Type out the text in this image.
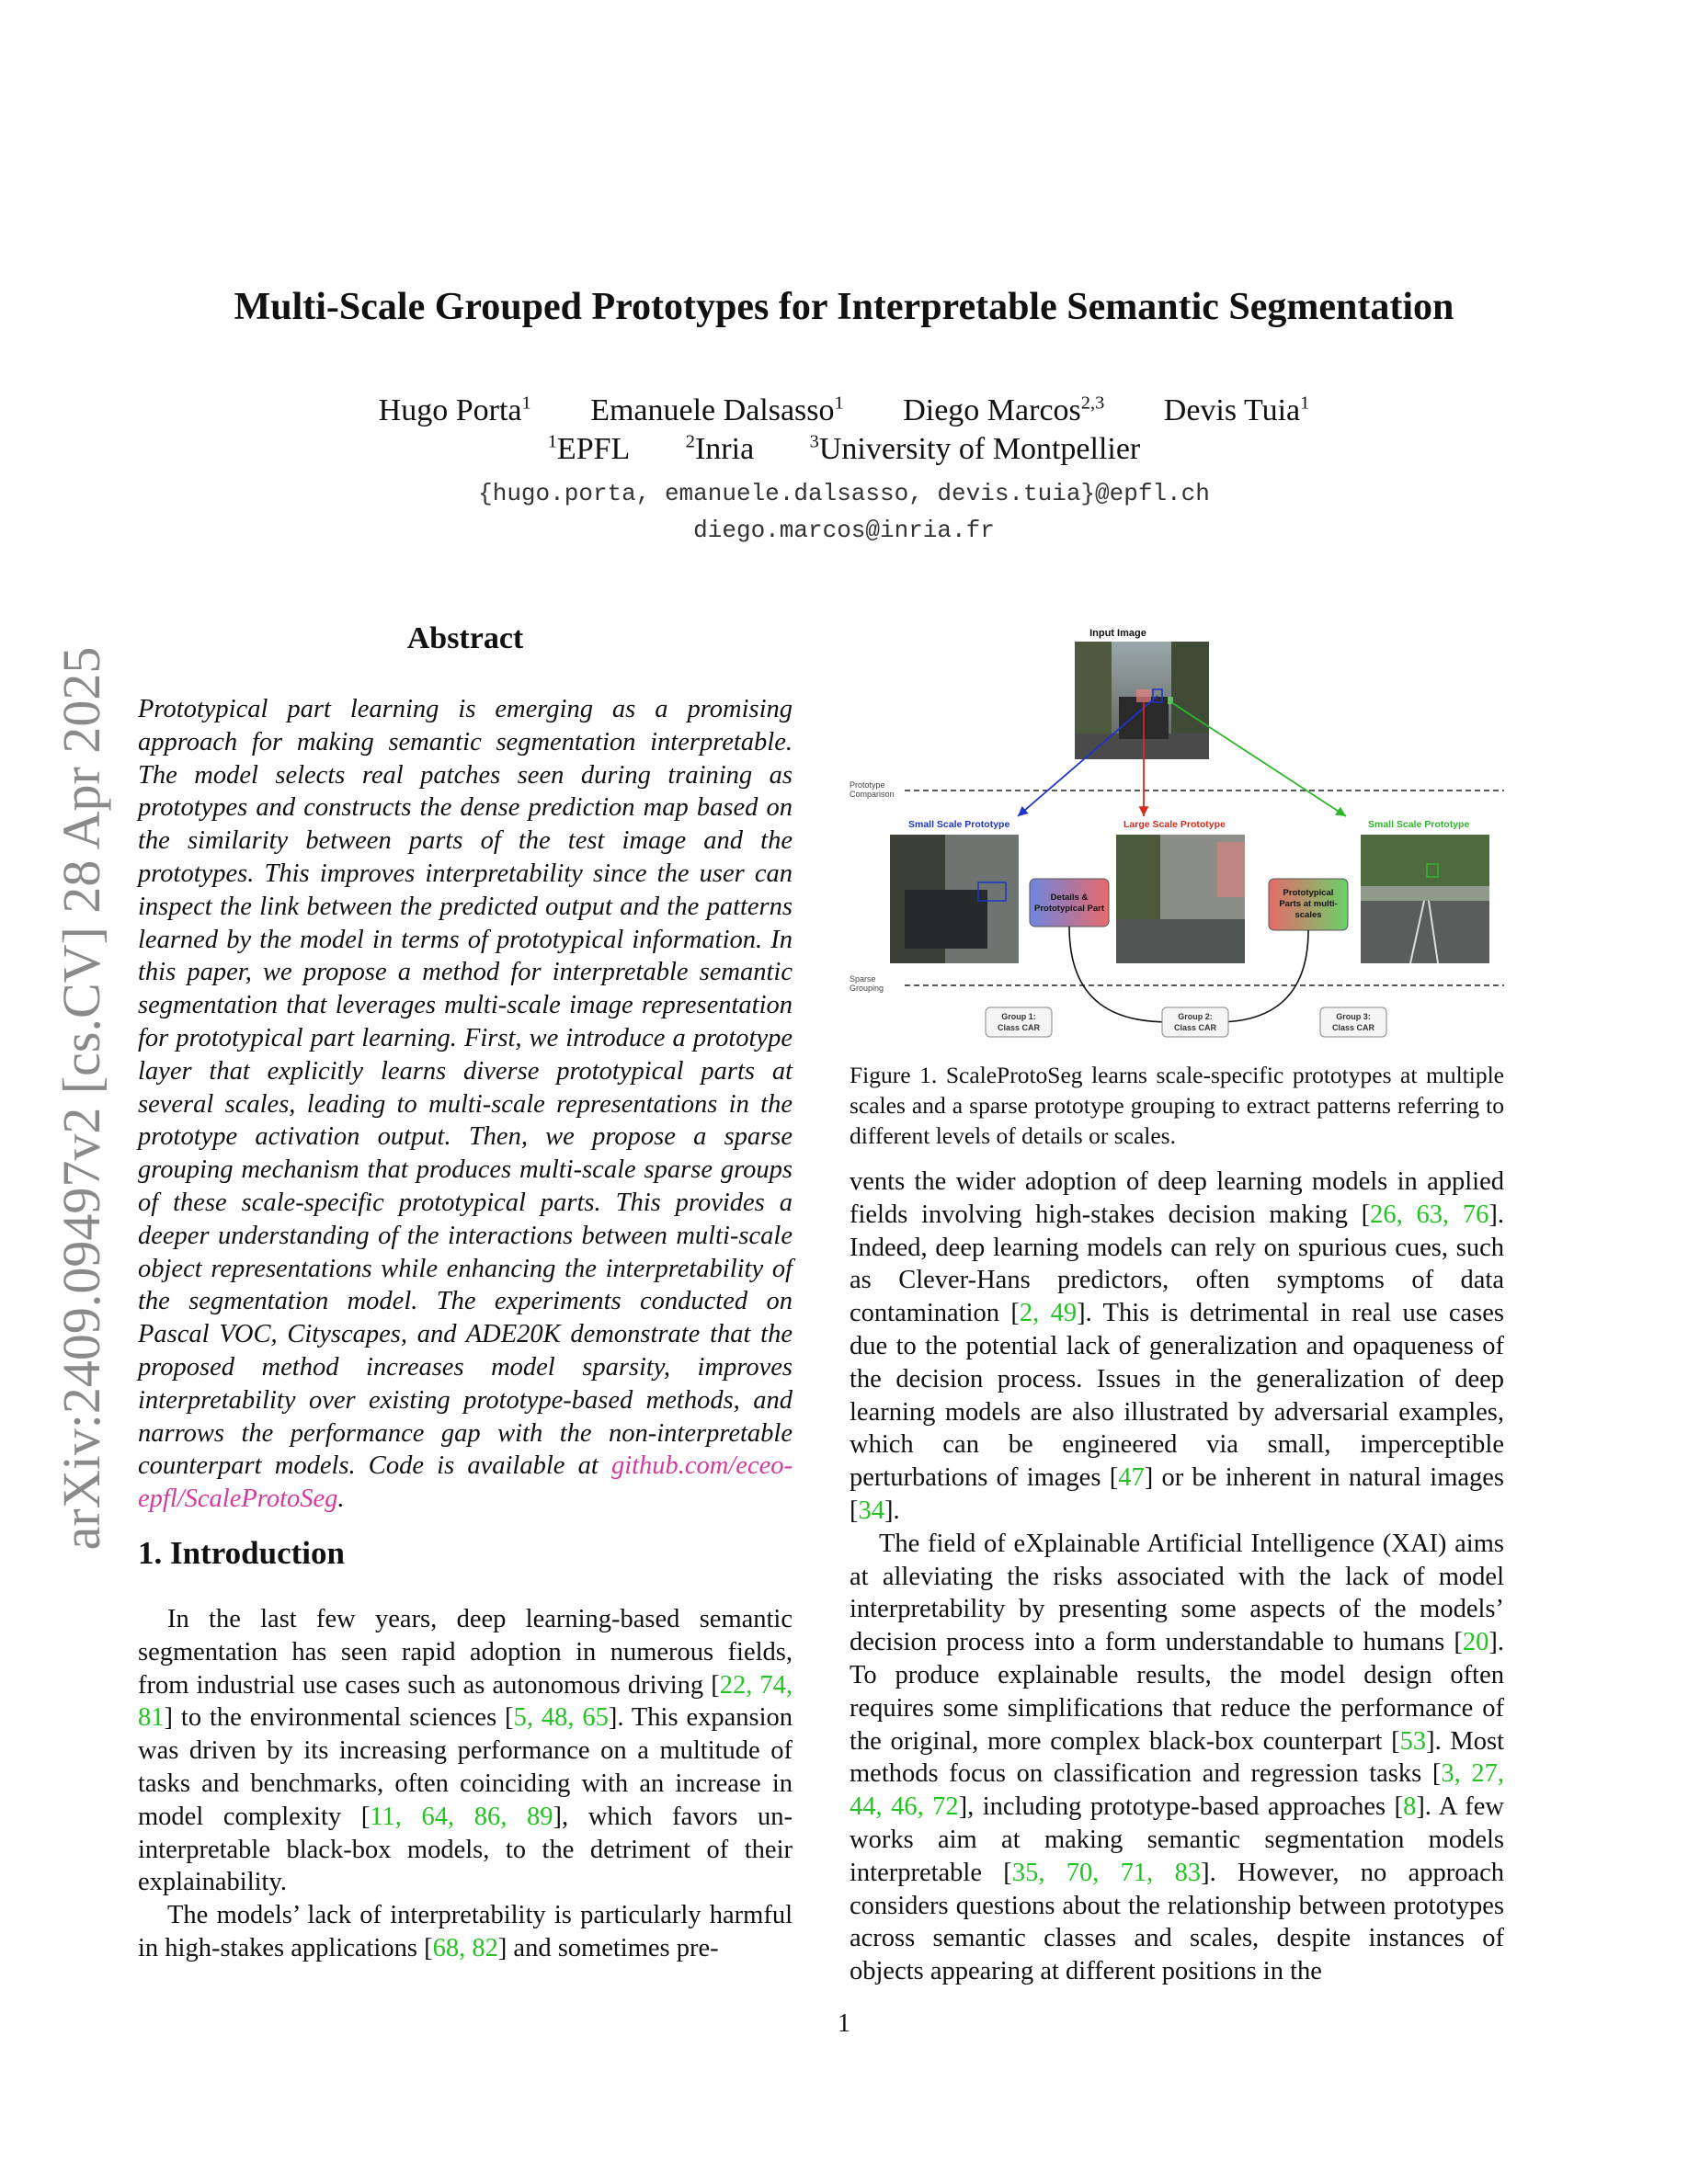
Multi-Scale Grouped Prototypes for Interpretable Semantic Segmentation
Hugo Porta$^1$ Emanuele Dalsasso$^1$ Diego Marcos$^{2,3}$ Devis Tuia$^1$
$^1$EPFL	$^2$Inria	$^3$University of Montpellier
{hugo.porta, emanuele.dalsasso, devis.tuia}@epfl.ch
diego.marcos@inria.fr
arXiv:2409.09497v2 [cs.CV] 28 Apr 2025
Abstract
Prototypical part learning is emerging as a promising approach for making semantic segmentation interpretable. The model selects real patches seen during training as prototypes and constructs the dense prediction map based on the similarity between parts of the test image and the prototypes. This improves interpretability since the user can inspect the link between the predicted output and the patterns learned by the model in terms of prototypical information. In this paper, we propose a method for interpretable semantic segmentation that leverages multi-scale image representation for prototypical part learning. First, we introduce a prototype layer that explicitly learns diverse prototypical parts at several scales, leading to multi-scale representations in the prototype activation output. Then, we propose a sparse grouping mechanism that produces multi-scale sparse groups of these scale-specific prototypical parts. This provides a deeper understanding of the interactions between multi-scale object representations while enhancing the interpretability of the segmentation model. The experiments conducted on Pascal VOC, Cityscapes, and ADE20K demonstrate that the proposed method increases model sparsity, improves interpretability over existing prototype-based methods, and narrows the performance gap with the non-interpretable counterpart models. Code is available at github.com/eceo-epfl/ScaleProtoSeg.
1. Introduction

In the last few years, deep learning-based semantic segmentation has seen rapid adoption in numerous fields, from industrial use cases such as autonomous driving [22, 74, 81] to the environmental sciences [5, 48, 65]. This expansion was driven by its increasing performance on a multitude of tasks and benchmarks, often coinciding with an increase in model complexity [11, 64, 86, 89], which favors un-interpretable black-box models, to the detriment of their explainability.

The models’ lack of interpretability is particularly harmful in high-stakes applications [68, 82] and sometimes pre-

Input Image
Prototype
Comparison
Small Scale Prototype	Large Scale Prototype	Small Scale Prototype
Details &
Prototypical Part
Prototypical
Parts at multi-
scales
Sparse
Grouping
Group 1:
Class CAR
Group 2:
Class CAR
Group 3:
Class CAR
Figure 1. ScaleProtoSeg learns scale-specific prototypes at multiple scales and a sparse prototype grouping to extract patterns referring to different levels of details or scales.

vents the wider adoption of deep learning models in applied fields involving high-stakes decision making [26, 63, 76]. Indeed, deep learning models can rely on spurious cues, such as Clever-Hans predictors, often symptoms of data contamination [2, 49]. This is detrimental in real use cases due to the potential lack of generalization and opaqueness of the decision process. Issues in the generalization of deep learning models are also illustrated by adversarial examples, which can be engineered via small, imperceptible perturbations of images [47] or be inherent in natural images [34].

The field of eXplainable Artificial Intelligence (XAI) aims at alleviating the risks associated with the lack of model interpretability by presenting some aspects of the models’ decision process into a form understandable to humans [20]. To produce explainable results, the model design often requires some simplifications that reduce the performance of the original, more complex black-box counterpart [53]. Most methods focus on classification and regression tasks [3, 27, 44, 46, 72], including prototype-based approaches [8]. A few works aim at making semantic segmentation models interpretable [35, 70, 71, 83]. However, no approach considers questions about the relationship between prototypes across semantic classes and scales, despite instances of objects appearing at different positions in the

1
